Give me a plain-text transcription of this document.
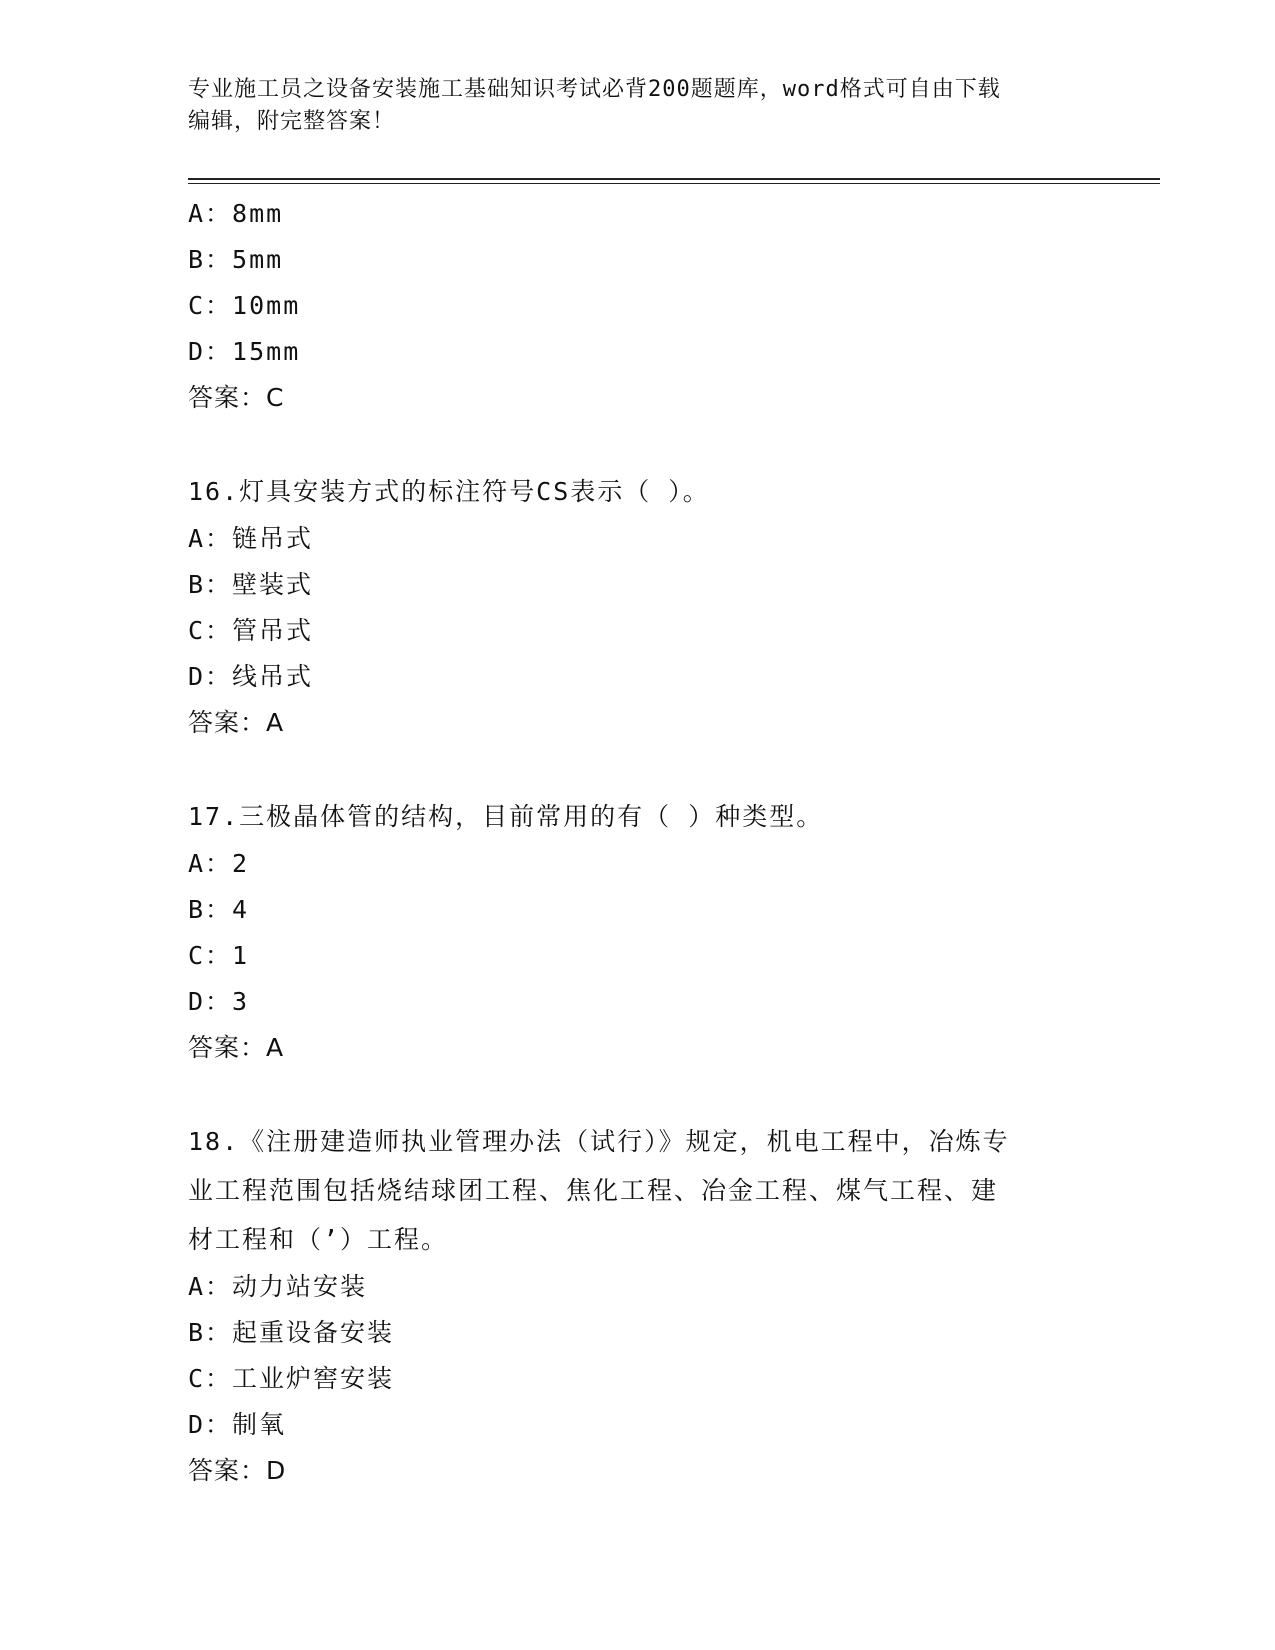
专业施工员之设备安装施工基础知识考试必背200题题库，word格式可自由下载
编辑，附完整答案！
A：8mm
B：5mm
C：10mm
D：15mm
答案：C
16.灯具安装方式的标注符号CS表示（ ）。
A：链吊式
B：壁装式
C：管吊式
D：线吊式
答案：A
17.三极晶体管的结构，目前常用的有（ ）种类型。
A：2
B：4
C：1
D：3
答案：A
18.《注册建造师执业管理办法（试行）》规定，机电工程中，冶炼专
业工程范围包括烧结球团工程、焦化工程、冶金工程、煤气工程、建
材工程和（’）工程。
A：动力站安装
B：起重设备安装
C：工业炉窖安装
D：制氧
答案：D
